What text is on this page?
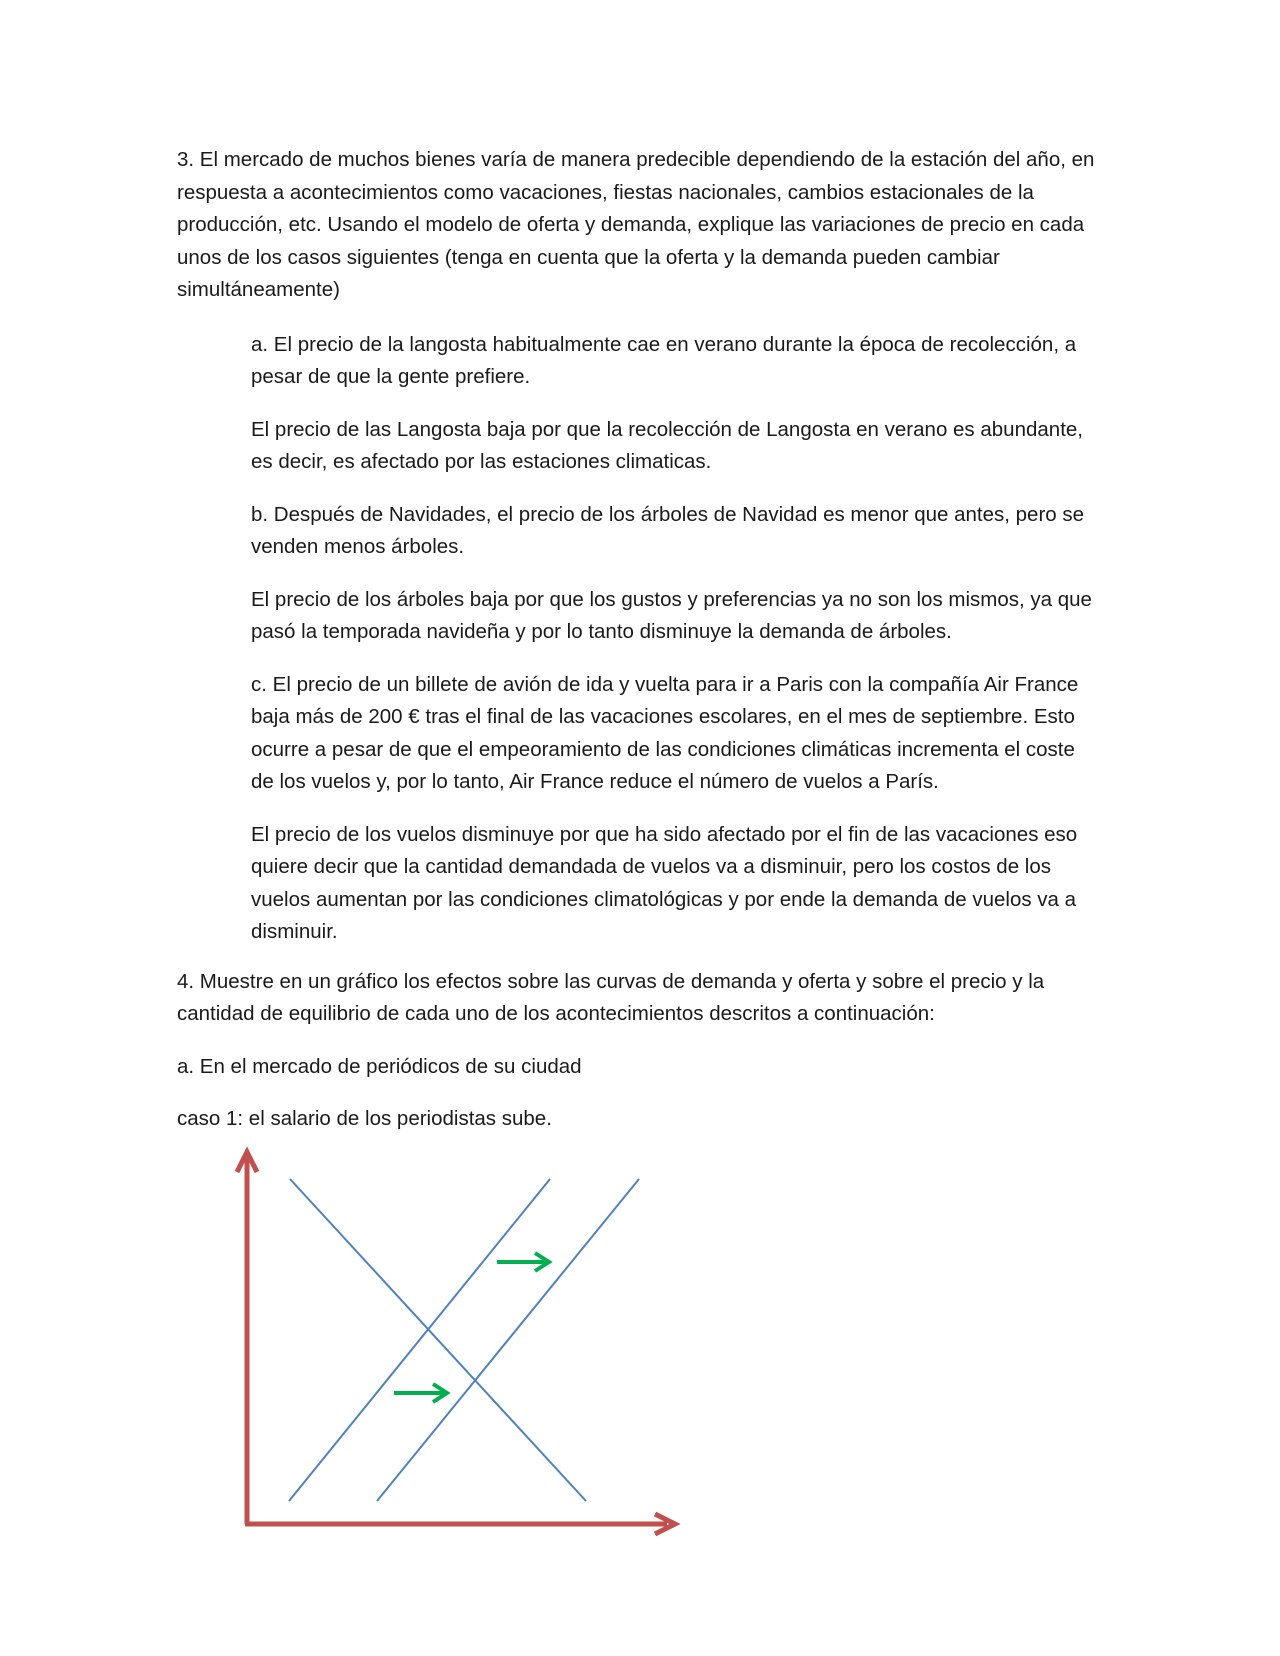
3. El mercado de muchos bienes varía de manera predecible dependiendo de la estación del año, en respuesta a acontecimientos como vacaciones, fiestas nacionales, cambios estacionales de la producción, etc. Usando el modelo de oferta y demanda, explique las variaciones de precio en cada unos de los casos siguientes (tenga en cuenta que la oferta y la demanda pueden cambiar simultáneamente)

a. El precio de la langosta habitualmente cae en verano durante la época de recolección, a pesar de que la gente prefiere.

El precio de las Langosta baja por que la recolección de Langosta en verano es abundante, es decir, es afectado por las estaciones climaticas.

b. Después de Navidades, el precio de los árboles de Navidad es menor que antes, pero se venden menos árboles.

El precio de los árboles baja por que los gustos y preferencias ya no son los mismos, ya que pasó la temporada navideña y por lo tanto disminuye la demanda de árboles.

c. El precio de un billete de avión de ida y vuelta para ir a Paris con la compañía Air France baja más de 200 € tras el final de las vacaciones escolares, en el mes de septiembre. Esto ocurre a pesar de que el empeoramiento de las condiciones climáticas incrementa el coste de los vuelos y, por lo tanto, Air France reduce el número de vuelos a París.

El precio de los vuelos disminuye por que ha sido afectado por el fin de las vacaciones eso quiere decir que la cantidad demandada de vuelos va a disminuir, pero los costos de los vuelos aumentan por las condiciones climatológicas y por ende la demanda de vuelos va a disminuir.

4. Muestre en un gráfico los efectos sobre las curvas de demanda y oferta y sobre el precio y la cantidad de equilibrio de cada uno de los acontecimientos descritos a continuación:

a. En el mercado de periódicos de su ciudad

caso 1: el salario de los periodistas sube.
